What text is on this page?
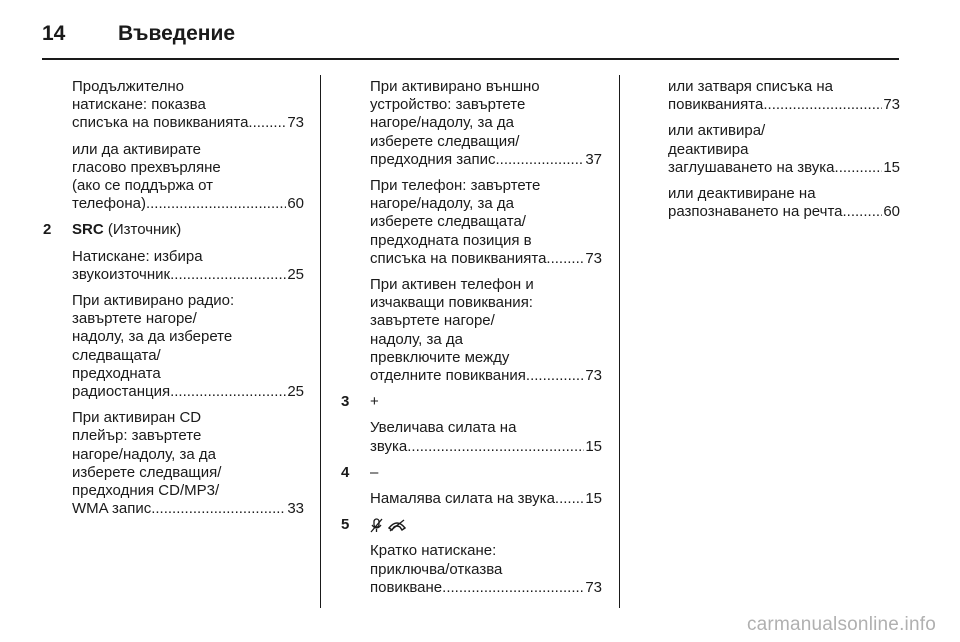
14	Въведение
Продължително
натискане: показва
списъка на повикванията .....	73
или да активирате
гласово прехвърляне
(ако се поддържа от
телефона) .....	60
2 SRC (Източник)
Натискане: избира
звукоизточник .....	25
При активирано радио:
завъртете нагоре/
надолу, за да изберете
следващата/
предходната
радиостанция .....	25
При активиран CD
плейър: завъртете
нагоре/надолу, за да
изберете следващия/
предходния CD/MP3/
WMA запис .....	33
При активирано външно
устройство: завъртете
нагоре/надолу, за да
изберете следващия/
предходния запис .....	37
При телефон: завъртете
нагоре/надолу, за да
изберете следващата/
предходната позиция в
списъка на повикванията .....	73
При активен телефон и
изчакващи повиквания:
завъртете нагоре/
надолу, за да
превключите между
отделните повиквания .....	73
3 +
Увеличава силата на
звука .....	15
4 –
Намалява силата на звука ..... 15
5

Кратко натискане:
приключва/отказва
повикване .....	73
или затваря списъка на
повикванията .....	73
или активира/
деактивира
заглушаването на звука .....	15
или деактивиране на
разпознаването на речта .....	60
carmanualsonline.info
